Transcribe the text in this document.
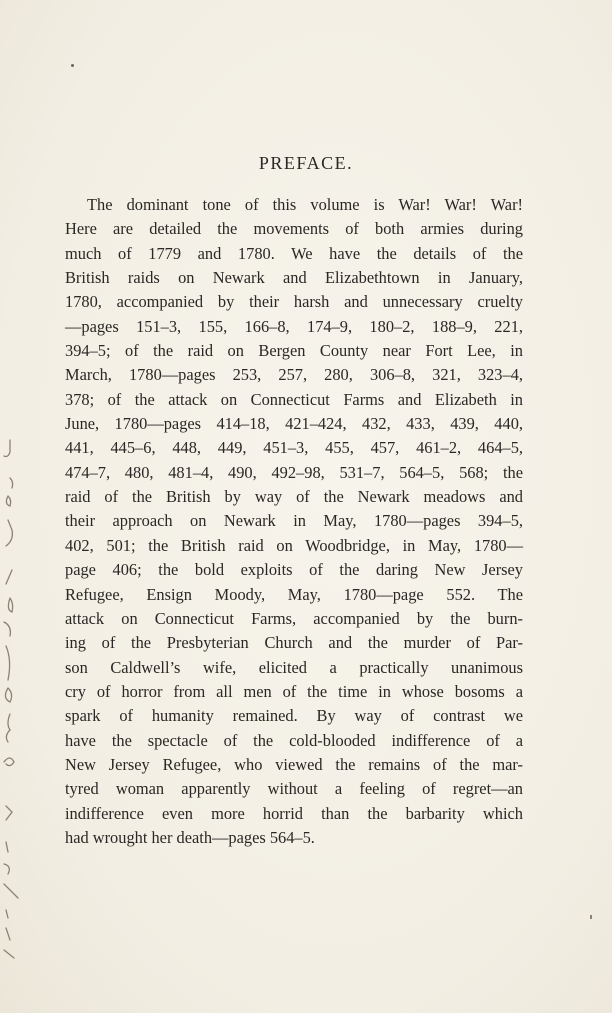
PREFACE.
The dominant tone of this volume is War! War! War!
Here are detailed the movements of both armies during
much of 1779 and 1780. We have the details of the
British raids on Newark and Elizabethtown in January,
1780, accompanied by their harsh and unnecessary cruelty
—pages 151–3, 155, 166–8, 174–9, 180–2, 188–9, 221,
394–5; of the raid on Bergen County near Fort Lee, in
March, 1780—pages 253, 257, 280, 306–8, 321, 323–4,
378; of the attack on Connecticut Farms and Elizabeth in
June, 1780—pages 414–18, 421–424, 432, 433, 439, 440,
441, 445–6, 448, 449, 451–3, 455, 457, 461–2, 464–5,
474–7, 480, 481–4, 490, 492–98, 531–7, 564–5, 568; the
raid of the British by way of the Newark meadows and
their approach on Newark in May, 1780—pages 394–5,
402, 501; the British raid on Woodbridge, in May, 1780—
page 406; the bold exploits of the daring New Jersey
Refugee, Ensign Moody, May, 1780—page 552. The
attack on Connecticut Farms, accompanied by the burn-
ing of the Presbyterian Church and the murder of Par-
son Caldwell’s wife, elicited a practically unanimous
cry of horror from all men of the time in whose bosoms a
spark of humanity remained. By way of contrast we
have the spectacle of the cold-blooded indifference of a
New Jersey Refugee, who viewed the remains of the mar-
tyred woman apparently without a feeling of regret—an
indifference even more horrid than the barbarity which
had wrought her death—pages 564–5.
